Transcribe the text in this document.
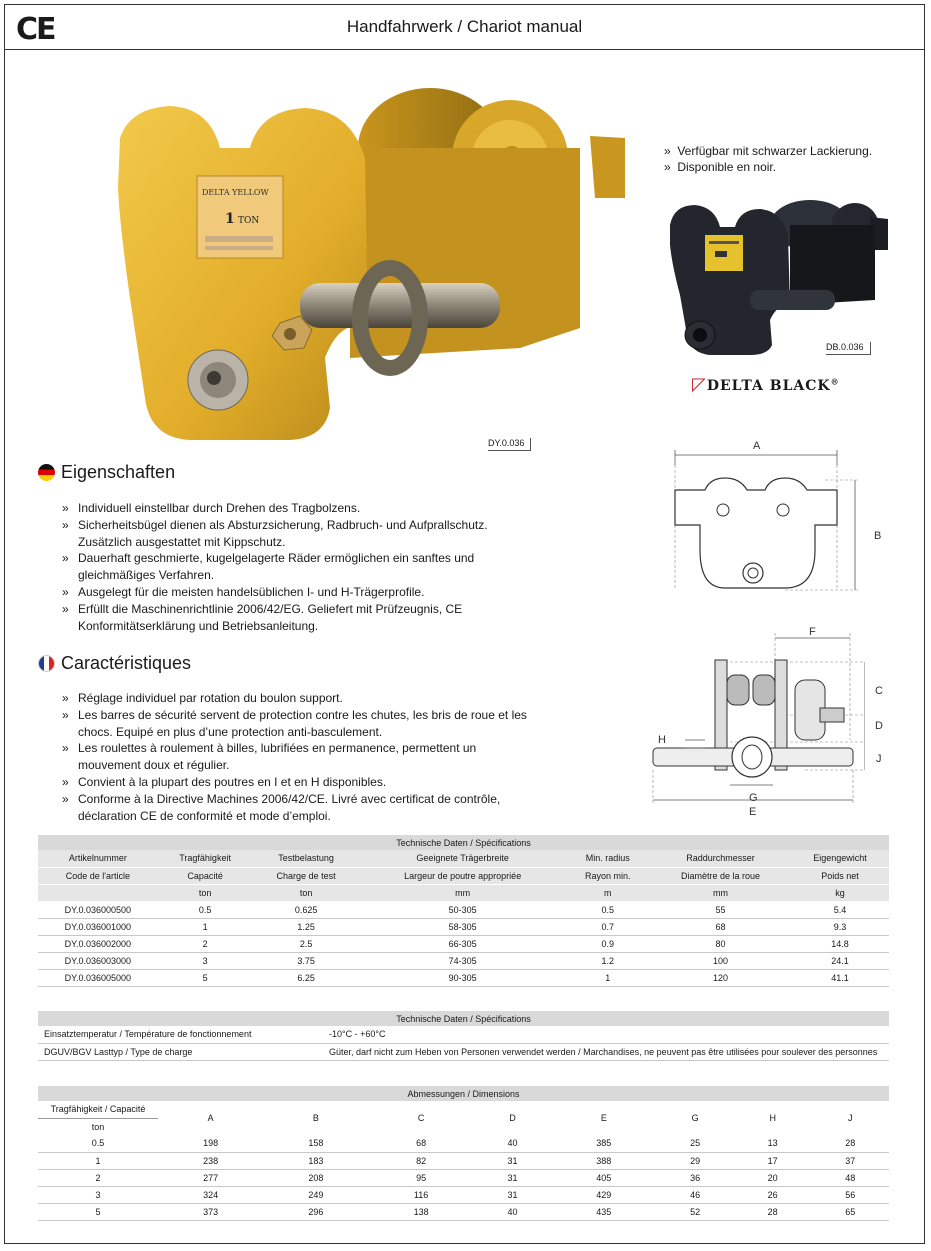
CE	Handfahrwerk / Chariot manual
DELTA YELLOW
1 TON
DY.0.036
»  Verfügbar mit schwarzer Lackierung.
»  Disponible en noir.
DB.0.036
◸DELTA BLACK®
Eigenschaften
» Individuell einstellbar durch Drehen des Tragbolzens.
» Sicherheitsbügel dienen als Absturzsicherung, Radbruch- und Aufprallschutz. Zusätzlich ausgestattet mit Kippschutz.
» Dauerhaft geschmierte, kugelgelagerte Räder ermöglichen ein sanftes und gleichmäßiges Verfahren.
» Ausgelegt für die meisten handelsüblichen I- und H-Trägerprofile.
» Erfüllt die Maschinenrichtlinie 2006/42/EG. Geliefert mit Prüfzeugnis, CE Konformitätserklärung und Betriebsanleitung.
Caractéristiques
» Réglage individuel par rotation du boulon support.
» Les barres de sécurité servent de protection contre les chutes, les bris de roue et les chocs. Equipé en plus d’une protection anti-basculement.
» Les roulettes à roulement à billes, lubrifiées en permanence, permettent un mouvement doux et régulier.
» Convient à la plupart des poutres en I et en H disponibles.
» Conforme à la Directive Machines 2006/42/CE. Livré avec certificat de contrôle, déclaration CE de conformité et mode d’emploi.
A
B
F
C
D
J
H
G
E
Technische Daten / Spécifications						
Artikelnummer	Tragfähigkeit	Testbelastung	Geeignete Trägerbreite	Min. radius	Raddurchmesser	Eigengewicht
Code de l'article	Capacité	Charge de test	Largeur de poutre appropriée	Rayon min.	Diamètre de la roue	Poids net
	ton	ton	mm	m	mm	kg
DY.0.036000500	0.5	0.625	50-305	0.5	55	5.4
DY.0.036001000	1	1.25	58-305	0.7	68	9.3
DY.0.036002000	2	2.5	66-305	0.9	80	14.8
DY.0.036003000	3	3.75	74-305	1.2	100	24.1
DY.0.036005000	5	6.25	90-305	1	120	41.1
Technische Daten / Spécifications	
Einsatztemperatur / Température de fonctionnement	-10°C - +60°C
DGUV/BGV Lasttyp / Type de charge	Güter, darf nicht zum Heben von Personen verwendet werden / Marchandises, ne peuvent pas être utilisées pour soulever des personnes
Abmessungen / Dimensions								
Tragfähigkeit / Capacité	A	B	C	D	E	G	H	J
ton								
0.5	198	158	68	40	385	25	13	28
1	238	183	82	31	388	29	17	37
2	277	208	95	31	405	36	20	48
3	324	249	116	31	429	46	26	56
5	373	296	138	40	435	52	28	65
